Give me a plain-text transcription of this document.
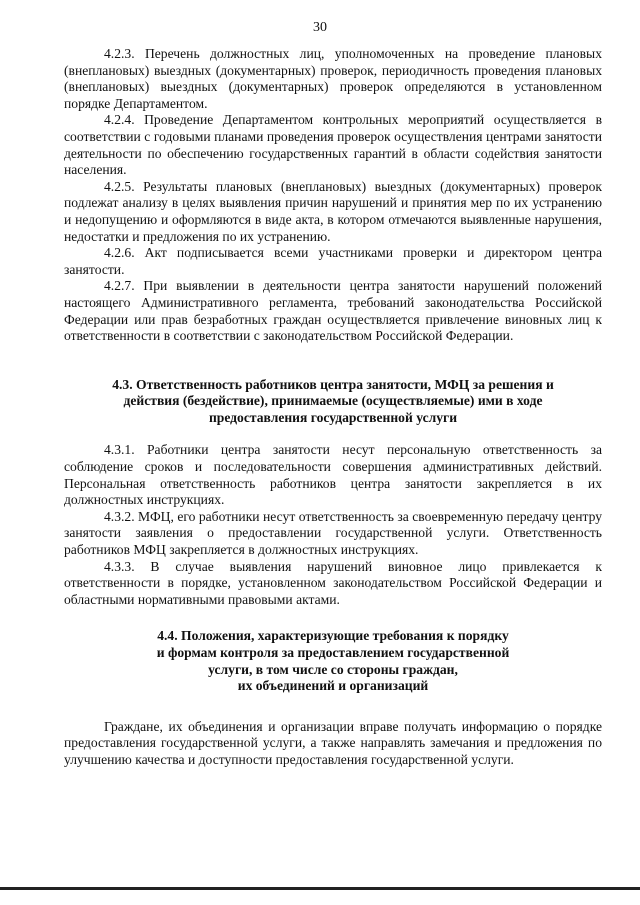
30

4.2.3. Перечень должностных лиц, уполномоченных на проведение плановых (внеплановых) выездных (документарных) проверок, периодичность проведения плановых (внеплановых) выездных (документарных) проверок определяются в установленном порядке Департаментом.

4.2.4. Проведение Департаментом контрольных мероприятий осуществляется в соответствии с годовыми планами проведения проверок осуществления центрами занятости деятельности по обеспечению государственных гарантий в области содействия занятости населения.

4.2.5. Результаты плановых (внеплановых) выездных (документарных) проверок подлежат анализу в целях выявления причин нарушений и принятия мер по их устранению и недопущению и оформляются в виде акта, в котором отмечаются выявленные нарушения, недостатки и предложения по их устранению.

4.2.6. Акт подписывается всеми участниками проверки и директором центра занятости.

4.2.7. При выявлении в деятельности центра занятости нарушений положений настоящего Административного регламента, требований законодательства Российской Федерации или прав безработных граждан осуществляется привлечение виновных лиц к ответственности в соответствии с законодательством Российской Федерации.

4.3. Ответственность работников центра занятости, МФЦ за решения и действия (бездействие), принимаемые (осуществляемые) ими в ходе предоставления государственной услуги

4.3.1. Работники центра занятости несут персональную ответственность за соблюдение сроков и последовательности совершения административных действий. Персональная ответственность работников центра занятости закрепляется в их должностных инструкциях.

4.3.2. МФЦ, его работники несут ответственность за своевременную передачу центру занятости заявления о предоставлении государственной услуги. Ответственность работников МФЦ закрепляется в должностных инструкциях.

4.3.3. В случае выявления нарушений виновное лицо привлекается к ответственности в порядке, установленном законодательством Российской Федерации и областными нормативными правовыми актами.

4.4. Положения, характеризующие требования к порядку

и формам контроля за предоставлением государственной

услуги, в том числе со стороны граждан,

их объединений и организаций

Граждане, их объединения и организации вправе получать информацию о порядке предоставления государственной услуги, а также направлять замечания и предложения по улучшению качества и доступности предоставления государственной услуги.
